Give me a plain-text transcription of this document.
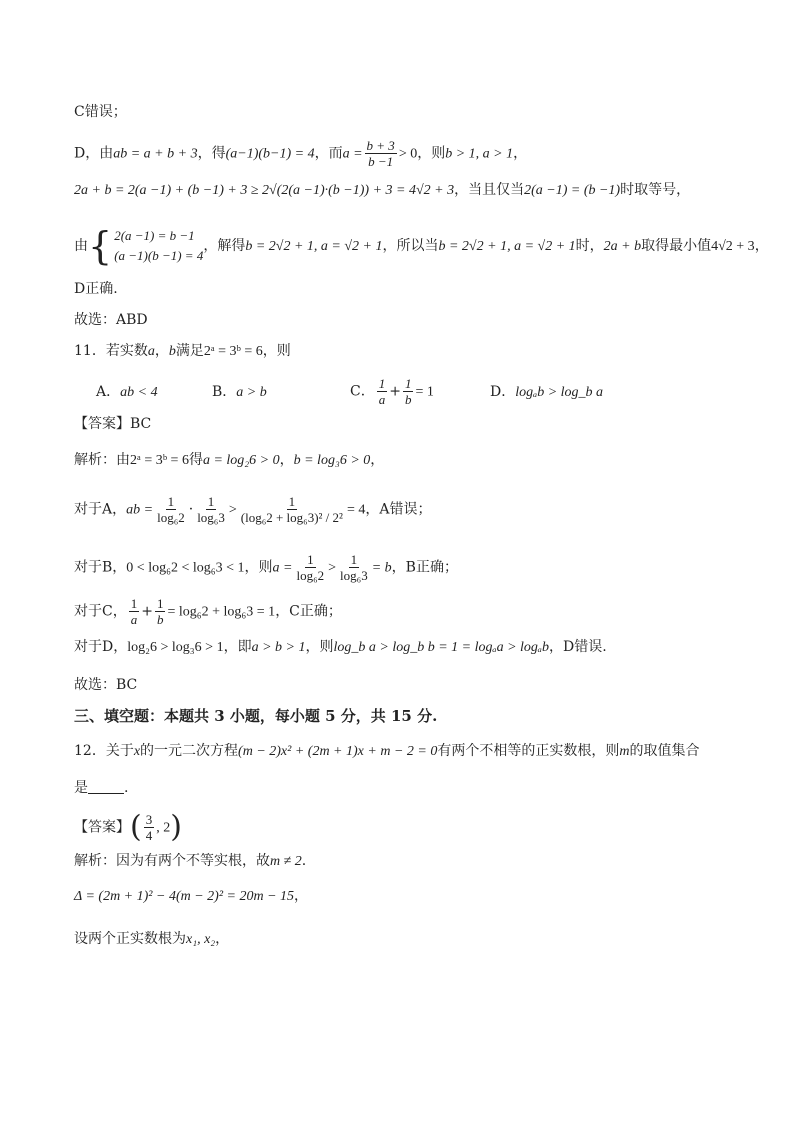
C错误；
D，由ab = a + b + 3，得(a−1)(b−1) = 4，而$a = \frac{b + 3}{b -1} > 0$，则b > 1, a > 1，
2a + b = 2(a −1) + (b −1) + 3 ≥ 2√(2(a −1)·(b −1)) + 3 = 4√2 + 3，当且仅当2(a −1) = (b −1)时取等号，
由 { 2(a −1) = b −1
(a −1)(b −1) = 4
，解得b = 2√2 + 1, a = √2 + 1，所以当b = 2√2 + 1, a = √2 + 1时，2a + b取得最小值4√2 + 3，
D正确.
故选：ABD
11．若实数a，b满足2ᵃ = 3ᵇ = 6，则
A．ab < 4	B．a > b	C． $\frac{1}{a} + \frac{1}{b} = 1$	D．logₐb > log_b a
【答案】BC
解析：由2ᵃ = 3ᵇ = 6得a = log₂6 > 0，b = log₃6 > 0，
对于A，ab = $\frac{1}{\text{log₆2}} \cdot \frac{1}{\text{log₆3}} > \frac{1}{\text{(log₆2 + log₆3)² / 2²}} = 4$，A错误；
对于B，0 < log₆2 < log₆3 < 1，则$a = \frac{1}{\text{log₆2}} > \frac{1}{\text{log₆3}} = b$，B正确；
对于C， $\frac{1}{a} + \frac{1}{b} = \log_62 + \log_63 = 1$，C正确；
对于D，log₂6 > log₃6 > 1，即a > b > 1，则log_b a > log_b b = 1 = logₐa > logₐb，D错误.
故选：BC
三、填空题：本题共 3 小题，每小题 5 分，共 15 分.
12．关于x的一元二次方程(m − 2)x² + (2m + 1)x + m − 2 = 0有两个不相等的正实数根，则m的取值集合
是	.
【答案】( $\frac{3}{4}$ , 2)
解析：因为有两个不等实根，故m ≠ 2.
Δ = (2m + 1)² − 4(m − 2)² = 20m − 15，
设两个正实数根为x₁, x₂，
